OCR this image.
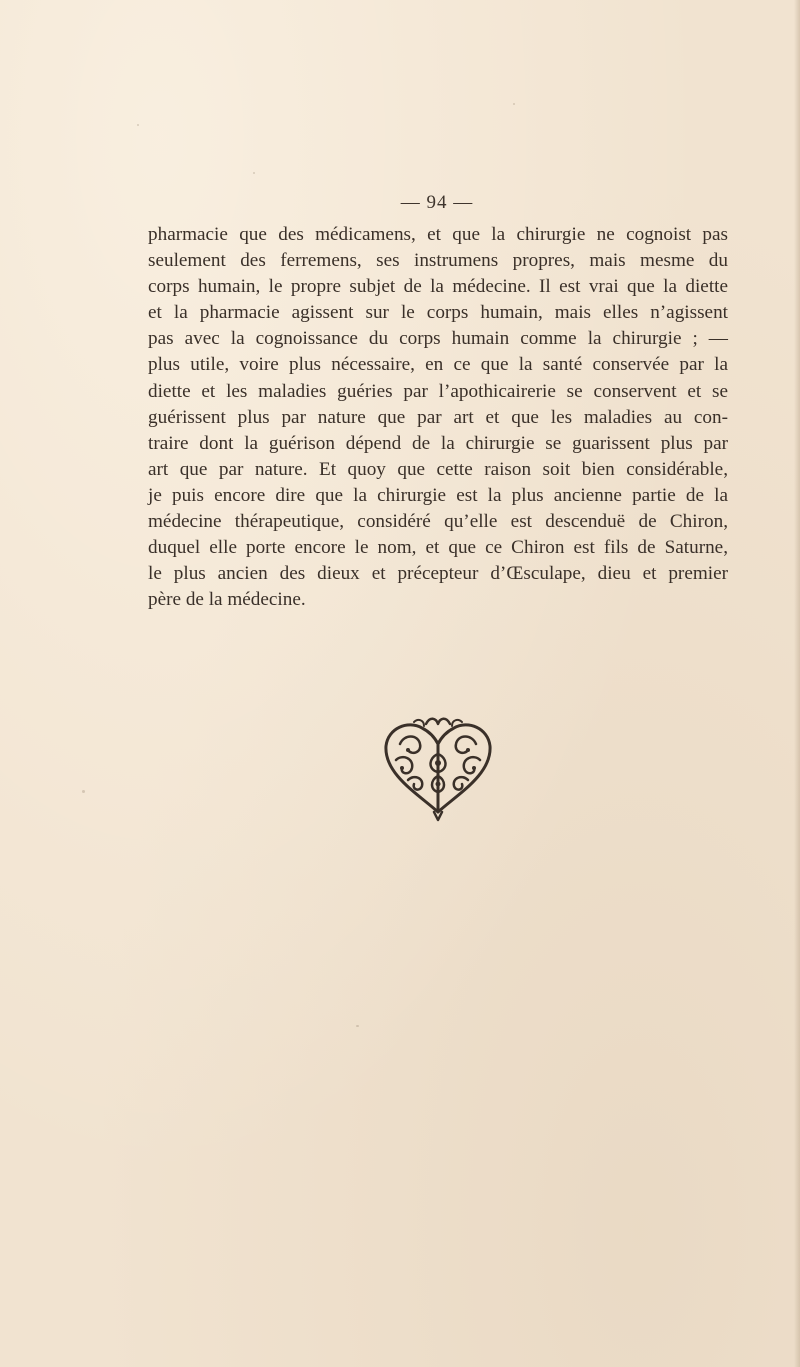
— 94 —
pharmacie que des médicamens, et que la chirurgie ne cognoist pas
seulement des ferremens, ses instrumens propres, mais mesme du
corps humain, le propre subjet de la médecine. Il est vrai que la diette
et la pharmacie agissent sur le corps humain, mais elles n’agissent
pas avec la cognoissance du corps humain comme la chirurgie ; —
plus utile, voire plus nécessaire, en ce que la santé conservée par la
diette et les maladies guéries par l’apothicairerie se conservent et se
guérissent plus par nature que par art et que les maladies au con-
traire dont la guérison dépend de la chirurgie se guarissent plus par
art que par nature. Et quoy que cette raison soit bien considérable,
je puis encore dire que la chirurgie est la plus ancienne partie de la
médecine thérapeutique, considéré qu’elle est descenduë de Chiron,
duquel elle porte encore le nom, et que ce Chiron est fils de Saturne,
le plus ancien des dieux et précepteur d’Œsculape, dieu et premier
père de la médecine.
